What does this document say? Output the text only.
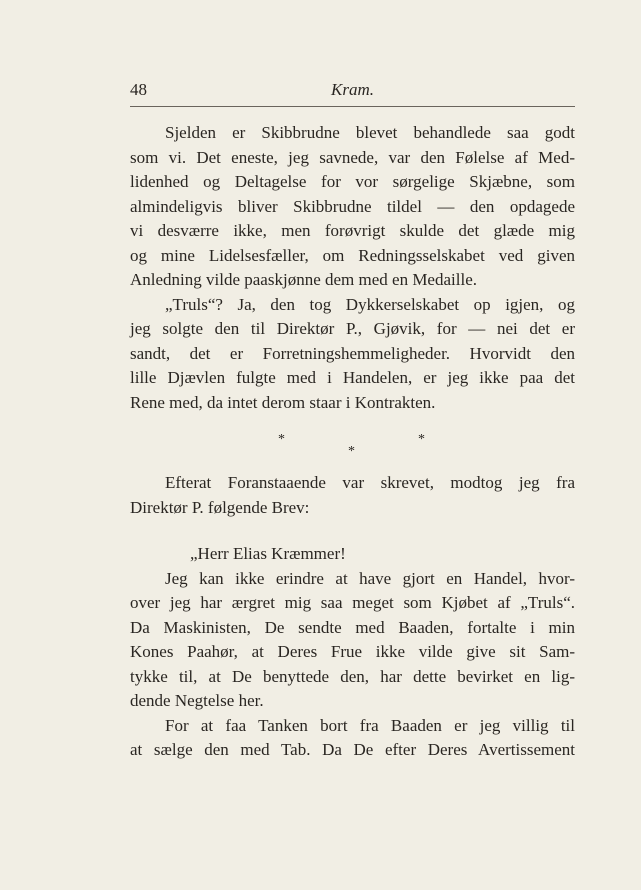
48	Kram.
Sjelden er Skibbrudne blevet behandlede saa godt
som vi. Det eneste, jeg savnede, var den Følelse af Med-
lidenhed og Deltagelse for vor sørgelige Skjæbne, som
almindeligvis bliver Skibbrudne tildel — den opdagede
vi desværre ikke, men forøvrigt skulde det glæde mig
og mine Lidelsesfæller, om Redningsselskabet ved given
Anledning vilde paaskjønne dem med en Medaille.
„Truls“? Ja, den tog Dykkerselskabet op igjen, og
jeg solgte den til Direktør P., Gjøvik, for — nei det er
sandt, det er Forretningshemmeligheder. Hvorvidt den
lille Djævlen fulgte med i Handelen, er jeg ikke paa det
Rene med, da intet derom staar i Kontrakten.
Efterat Foranstaaende var skrevet, modtog jeg fra
Direktør P. følgende Brev:
„Herr Elias Kræmmer!
Jeg kan ikke erindre at have gjort en Handel, hvor-
over jeg har ærgret mig saa meget som Kjøbet af „Truls“.
Da Maskinisten, De sendte med Baaden, fortalte i min
Kones Paahør, at Deres Frue ikke vilde give sit Sam-
tykke til, at De benyttede den, har dette bevirket en lig-
dende Negtelse her.
For at faa Tanken bort fra Baaden er jeg villig til
at sælge den med Tab. Da De efter Deres Avertissement
*
*
*
